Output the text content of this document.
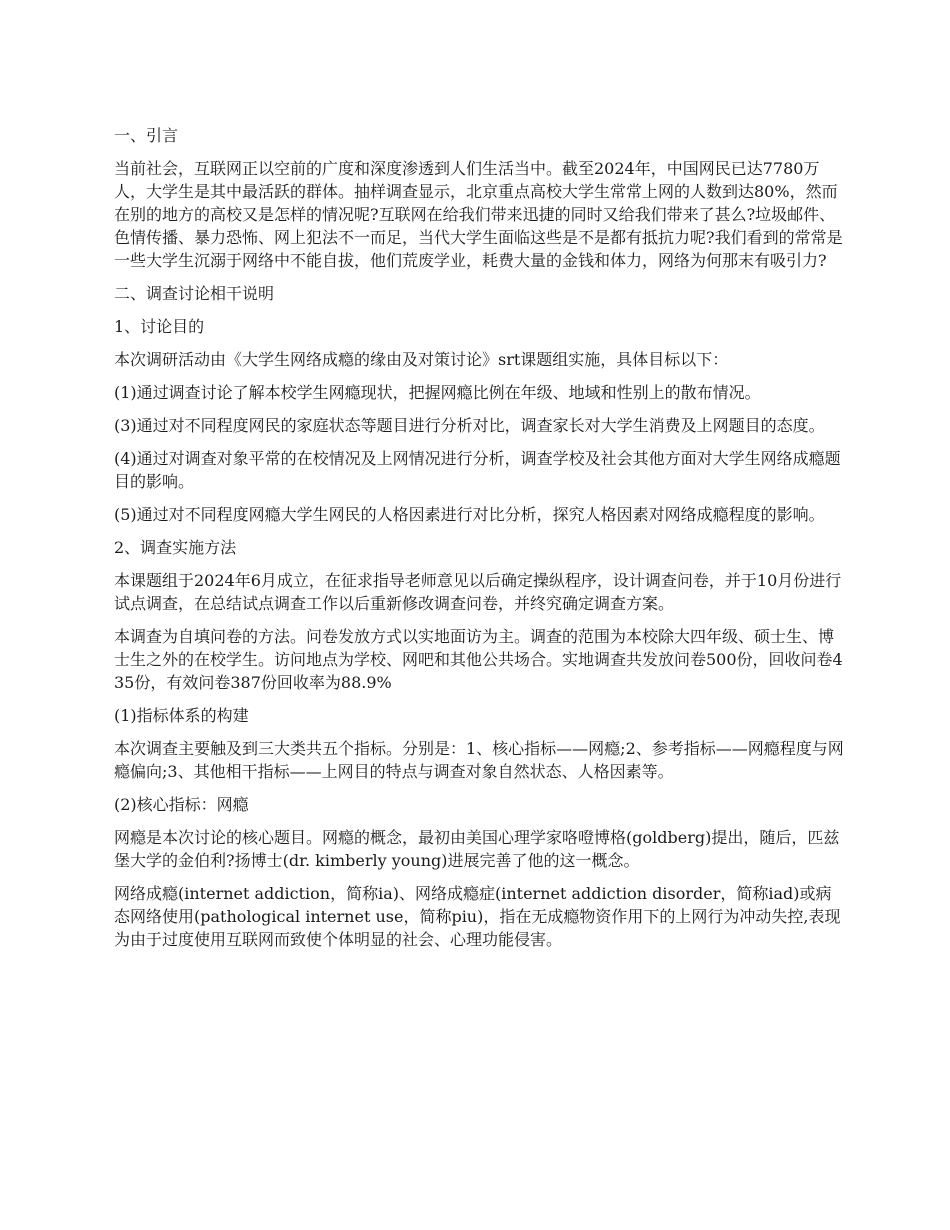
一、引言

当前社会，互联网正以空前的广度和深度渗透到人们生活当中。截至2024年，中国网民已达7780万人，大学生是其中最活跃的群体。抽样调查显示，北京重点高校大学生常常上网的人数到达80%，然而在别的地方的高校又是怎样的情况呢?互联网在给我们带来迅捷的同时又给我们带来了甚么?垃圾邮件、色情传播、暴力恐怖、网上犯法不一而足，当代大学生面临这些是不是都有抵抗力呢?我们看到的常常是一些大学生沉溺于网络中不能自拔，他们荒废学业，耗费大量的金钱和体力，网络为何那末有吸引力?

二、调查讨论相干说明

1、讨论目的

本次调研活动由《大学生网络成瘾的缘由及对策讨论》srt课题组实施，具体目标以下：

(1)通过调查讨论了解本校学生网瘾现状，把握网瘾比例在年级、地域和性别上的散布情况。

(3)通过对不同程度网民的家庭状态等题目进行分析对比，调查家长对大学生消费及上网题目的态度。

(4)通过对调查对象平常的在校情况及上网情况进行分析，调查学校及社会其他方面对大学生网络成瘾题目的影响。

(5)通过对不同程度网瘾大学生网民的人格因素进行对比分析，探究人格因素对网络成瘾程度的影响。

2、调查实施方法

本课题组于2024年6月成立，在征求指导老师意见以后确定操纵程序，设计调查问卷，并于10月份进行试点调查，在总结试点调查工作以后重新修改调查问卷，并终究确定调查方案。

本调查为自填问卷的方法。问卷发放方式以实地面访为主。调查的范围为本校除大四年级、硕士生、博士生之外的在校学生。访问地点为学校、网吧和其他公共场合。实地调查共发放问卷500份，回收问卷435份，有效问卷387份回收率为88.9%

(1)指标体系的构建

本次调查主要触及到三大类共五个指标。分别是：1、核心指标——网瘾;2、参考指标——网瘾程度与网瘾偏向;3、其他相干指标——上网目的特点与调查对象自然状态、人格因素等。

(2)核心指标：网瘾

网瘾是本次讨论的核心题目。网瘾的概念，最初由美国心理学家咯噔博格(goldberg)提出，随后，匹兹堡大学的金伯利?扬博士(dr. kimberly young)进展完善了他的这一概念。

网络成瘾(internet addiction，简称ia)、网络成瘾症(internet addiction disorder，简称iad)或病态网络使用(pathological internet use，简称piu)，指在无成瘾物资作用下的上网行为冲动失控,表现为由于过度使用互联网而致使个体明显的社会、心理功能侵害。
